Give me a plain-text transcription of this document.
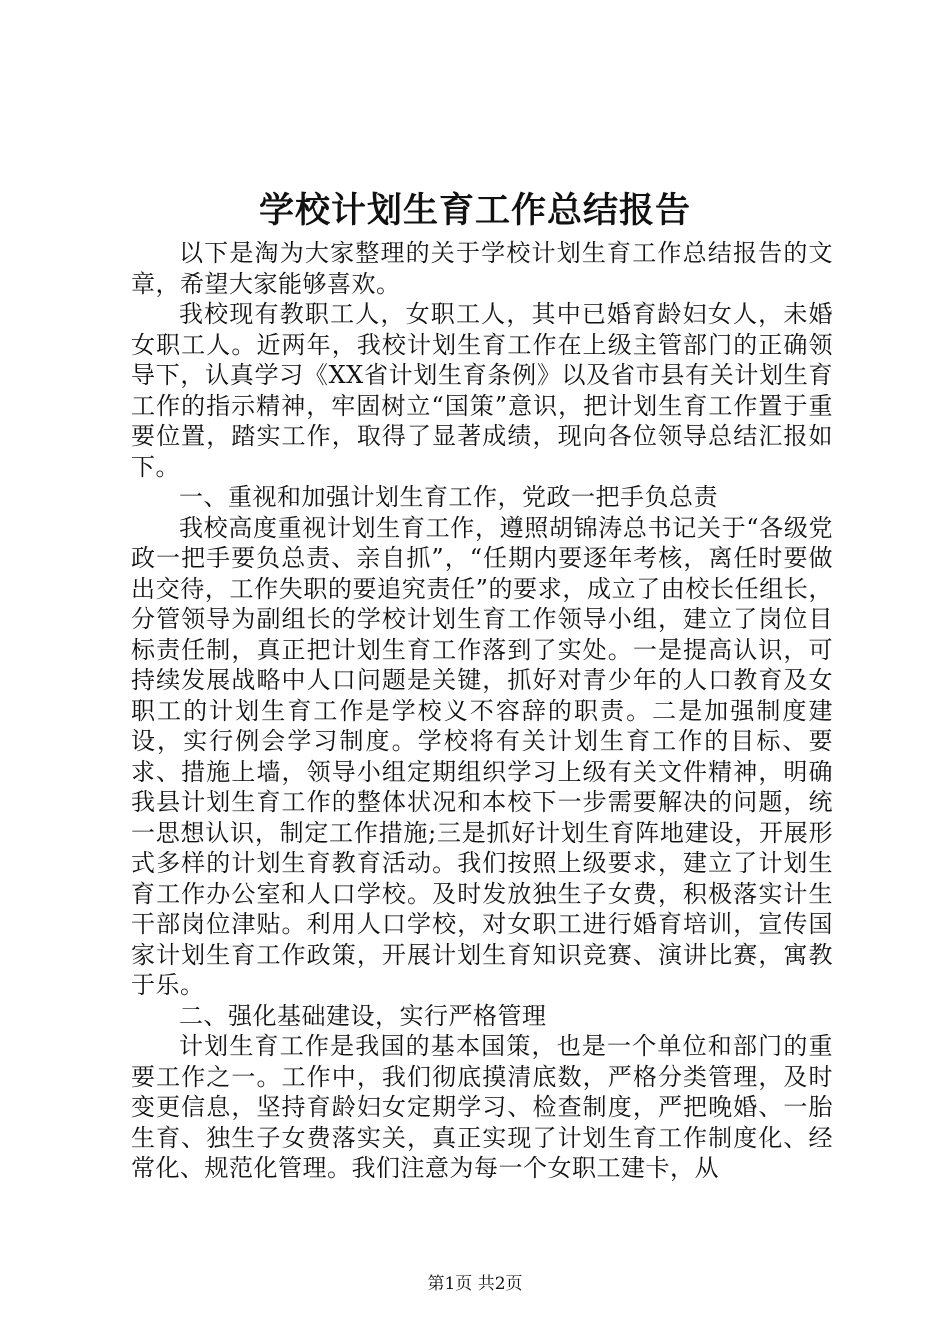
学校计划生育工作总结报告

以下是淘为大家整理的关于学校计划生育工作总结报告的文章，希望大家能够喜欢。

我校现有教职工人，女职工人，其中已婚育龄妇女人，未婚女职工人。近两年，我校计划生育工作在上级主管部门的正确领导下，认真学习《XX省计划生育条例》以及省市县有关计划生育工作的指示精神，牢固树立“国策”意识，把计划生育工作置于重要位置，踏实工作，取得了显著成绩，现向各位领导总结汇报如下。

一、重视和加强计划生育工作，党政一把手负总责

我校高度重视计划生育工作，遵照胡锦涛总书记关于“各级党政一把手要负总责、亲自抓”，“任期内要逐年考核，离任时要做出交待，工作失职的要追究责任”的要求，成立了由校长任组长，分管领导为副组长的学校计划生育工作领导小组，建立了岗位目标责任制，真正把计划生育工作落到了实处。一是提高认识，可持续发展战略中人口问题是关键，抓好对青少年的人口教育及女职工的计划生育工作是学校义不容辞的职责。二是加强制度建设，实行例会学习制度。学校将有关计划生育工作的目标、要求、措施上墙，领导小组定期组织学习上级有关文件精神，明确我县计划生育工作的整体状况和本校下一步需要解决的问题，统一思想认识，制定工作措施;三是抓好计划生育阵地建设，开展形式多样的计划生育教育活动。我们按照上级要求，建立了计划生育工作办公室和人口学校。及时发放独生子女费，积极落实计生干部岗位津贴。利用人口学校，对女职工进行婚育培训，宣传国家计划生育工作政策，开展计划生育知识竞赛、演讲比赛，寓教于乐。

二、强化基础建设，实行严格管理

计划生育工作是我国的基本国策，也是一个单位和部门的重要工作之一。工作中，我们彻底摸清底数，严格分类管理，及时变更信息，坚持育龄妇女定期学习、检查制度，严把晚婚、一胎生育、独生子女费落实关，真正实现了计划生育工作制度化、经常化、规范化管理。我们注意为每一个女职工建卡，从

第1页 共2页
